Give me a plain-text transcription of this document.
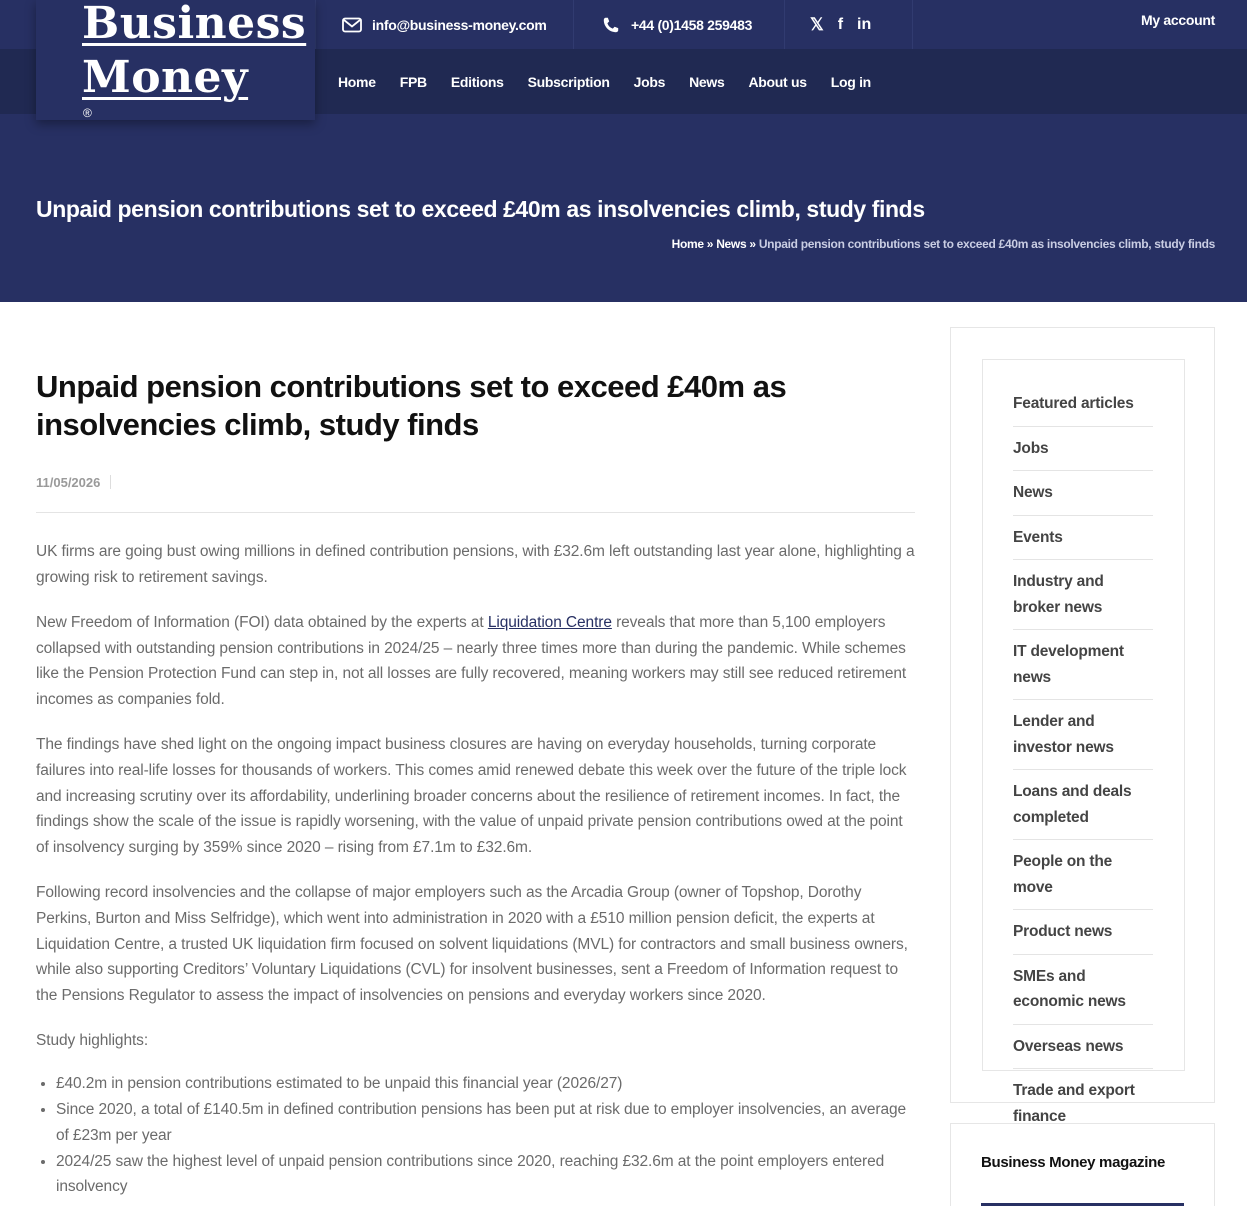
Business
Money
®
info@business-money.com	+44 (0)1458 259483	𝕏 f in	My account
Home FPB Editions Subscription Jobs News About us Log in
Unpaid pension contributions set to exceed £40m as insolvencies climb, study finds
Home » News » Unpaid pension contributions set to exceed £40m as insolvencies climb, study finds
Unpaid pension contributions set to exceed £40m as insolvencies climb, study finds
11/05/2026

UK firms are going bust owing millions in defined contribution pensions, with £32.6m left outstanding last year alone, highlighting a growing risk to retirement savings.

New Freedom of Information (FOI) data obtained by the experts at Liquidation Centre reveals that more than 5,100 employers collapsed with outstanding pension contributions in 2024/25 – nearly three times more than during the pandemic. While schemes like the Pension Protection Fund can step in, not all losses are fully recovered, meaning workers may still see reduced retirement incomes as companies fold.

The findings have shed light on the ongoing impact business closures are having on everyday households, turning corporate failures into real-life losses for thousands of workers. This comes amid renewed debate this week over the future of the triple lock and increasing scrutiny over its affordability, underlining broader concerns about the resilience of retirement incomes. In fact, the findings show the scale of the issue is rapidly worsening, with the value of unpaid private pension contributions owed at the point of insolvency surging by 359% since 2020 – rising from £7.1m to £32.6m.

Following record insolvencies and the collapse of major employers such as the Arcadia Group (owner of Topshop, Dorothy Perkins, Burton and Miss Selfridge), which went into administration in 2020 with a £510 million pension deficit, the experts at Liquidation Centre, a trusted UK liquidation firm focused on solvent liquidations (MVL) for contractors and small business owners, while also supporting Creditors’ Voluntary Liquidations (CVL) for insolvent businesses, sent a Freedom of Information request to the Pensions Regulator to assess the impact of insolvencies on pensions and everyday workers since 2020.

Study highlights:

• £40.2m in pension contributions estimated to be unpaid this financial year (2026/27)
• Since 2020, a total of £140.5m in defined contribution pensions has been put at risk due to employer insolvencies, an average of £23m per year
• 2024/25 saw the highest level of unpaid pension contributions since 2020, reaching £32.6m at the point employers entered insolvency
Featured articles
Jobs
News
Events
Industry and broker news
IT development news
Lender and investor news
Loans and deals completed
People on the move
Product news
SMEs and economic news
Overseas news
Trade and export finance
Business Money magazine
